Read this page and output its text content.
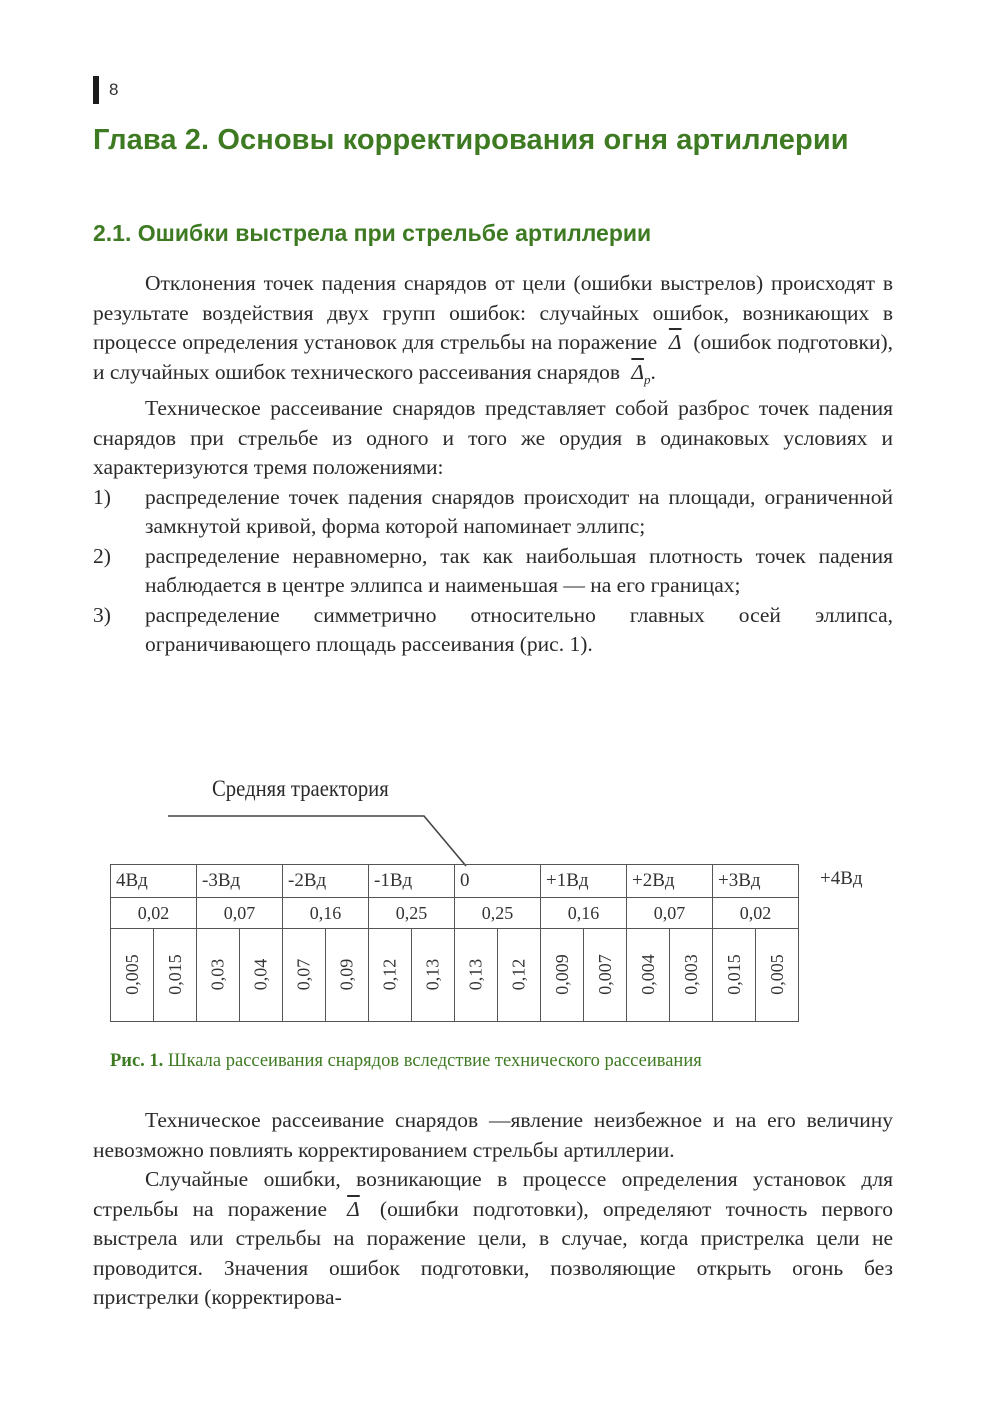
8
Глава 2. Основы корректирования огня артиллерии
2.1. Ошибки выстрела при стрельбе артиллерии

Отклонения точек падения снарядов от цели (ошибки выстрелов) происходят в результате воздействия двух групп ошибок: случайных ошибок, возникающих в процессе определения установок для стрельбы на поражение $\overline{\Delta}$ (ошибок подготовки), и случайных ошибок технического рассеивания снарядов $\overline{\Delta}_p$.

Техническое рассеивание снарядов представляет собой разброс точек падения снарядов при стрельбе из одного и того же орудия в одинаковых условиях и характеризуются тремя положениями:

1)	распределение точек падения снарядов происходит на площади, ограниченной замкнутой кривой, форма которой напоминает эллипс;
2)	распределение неравномерно, так как наибольшая плотность точек падения наблюдается в центре эллипса и наименьшая — на его границах;
3)	распределение симметрично относительно главных осей эллипса, ограничивающего площадь рассеивания (рис. 1).
Средняя траектория
4Bд		-3Bд		-2Bд		-1Bд		0		+1Bд		+2Bд		+3Bд	
0,02		0,07		0,16		0,25		0,25		0,16		0,07		0,02	
0,005	0,015	0,03	0,04	0,07	0,09	0,12	0,13	0,13	0,12	0,009	0,007	0,004	0,003	0,015	0,005
+4Bд
Рис. 1. Шкала рассеивания снарядов вследствие технического рассеивания

Техническое рассеивание снарядов —явление неизбежное и на его величину невозможно повлиять корректированием стрельбы артиллерии.

Случайные ошибки, возникающие в процессе определения установок для стрельбы на поражение $\overline{\Delta}$ (ошибки подготовки), определяют точность первого выстрела или стрельбы на поражение цели, в случае, когда пристрелка цели не проводится. Значения ошибок подготовки, позволяющие открыть огонь без пристрелки (корректирова-
